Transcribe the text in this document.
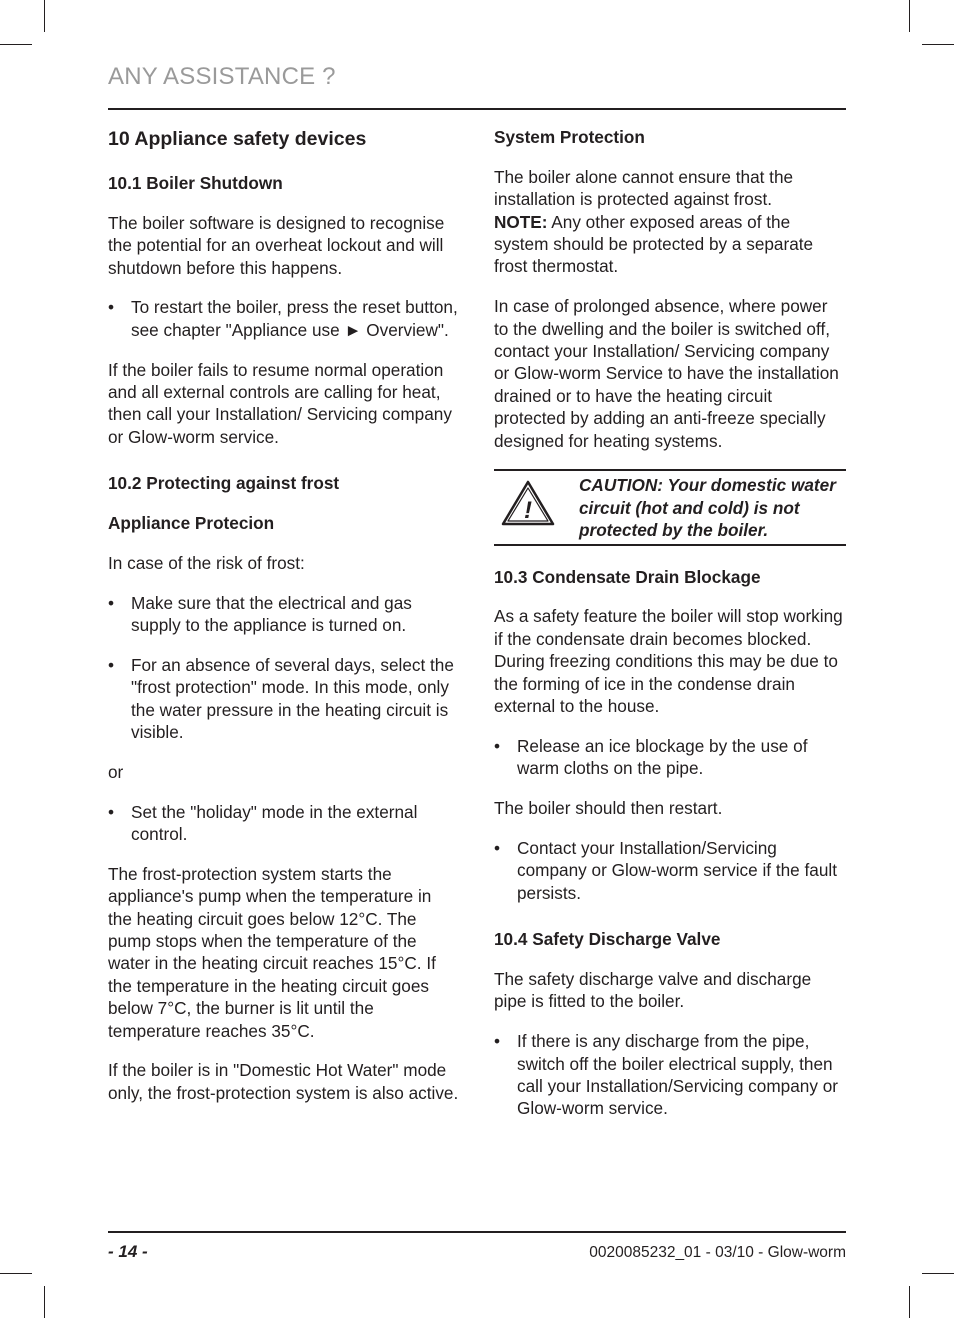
ANY ASSISTANCE ?
10 Appliance safety devices
10.1 Boiler Shutdown

The boiler software is designed to recognise the potential for an overheat lockout and will shutdown before this happens.

• To restart the boiler, press the reset button, see chapter "Appliance use ► Overview".

If the boiler fails to resume normal operation and all external controls are calling for heat, then call your Installation/ Servicing company or Glow-worm service.

10.2 Protecting against frost
Appliance Protecion

In case of the risk of frost:

• Make sure that the electrical and gas supply to the appliance is turned on.
• For an absence of several days, select the "frost protection" mode. In this mode, only the water pressure in the heating circuit is visible.

or

• Set the "holiday" mode in the external control.

The frost-protection system starts the appliance's pump when the temperature in the heating circuit goes below 12°C. The pump stops when the temperature of the water in the heating circuit reaches 15°C. If the temperature in the heating circuit goes below 7°C, the burner is lit until the temperature reaches 35°C.

If the boiler is in "Domestic Hot Water" mode only, the frost-protection system is also active.

System Protection

The boiler alone cannot ensure that the installation is protected against frost.
NOTE: Any other exposed areas of the system should be protected by a separate frost thermostat.

In case of prolonged absence, where power to the dwelling and the boiler is switched off, contact your Installation/ Servicing company or Glow-worm Service to have the installation drained or to have the heating circuit protected by adding an anti-freeze specially designed for heating systems.

!
CAUTION: Your domestic water circuit (hot and cold) is not protected by the boiler.
10.3 Condensate Drain Blockage

As a safety feature the boiler will stop working if the condensate drain becomes blocked. During freezing conditions this may be due to the forming of ice in the condense drain external to the house.

• Release an ice blockage by the use of warm cloths on the pipe.

The boiler should then restart.

• Contact your Installation/Servicing company or Glow-worm service if the fault persists.
10.4 Safety Discharge Valve

The safety discharge valve and discharge pipe is fitted to the boiler.

• If there is any discharge from the pipe, switch off the boiler electrical supply, then call your Installation/Servicing company or Glow-worm service.
- 14 -	0020085232_01 - 03/10 - Glow-worm
